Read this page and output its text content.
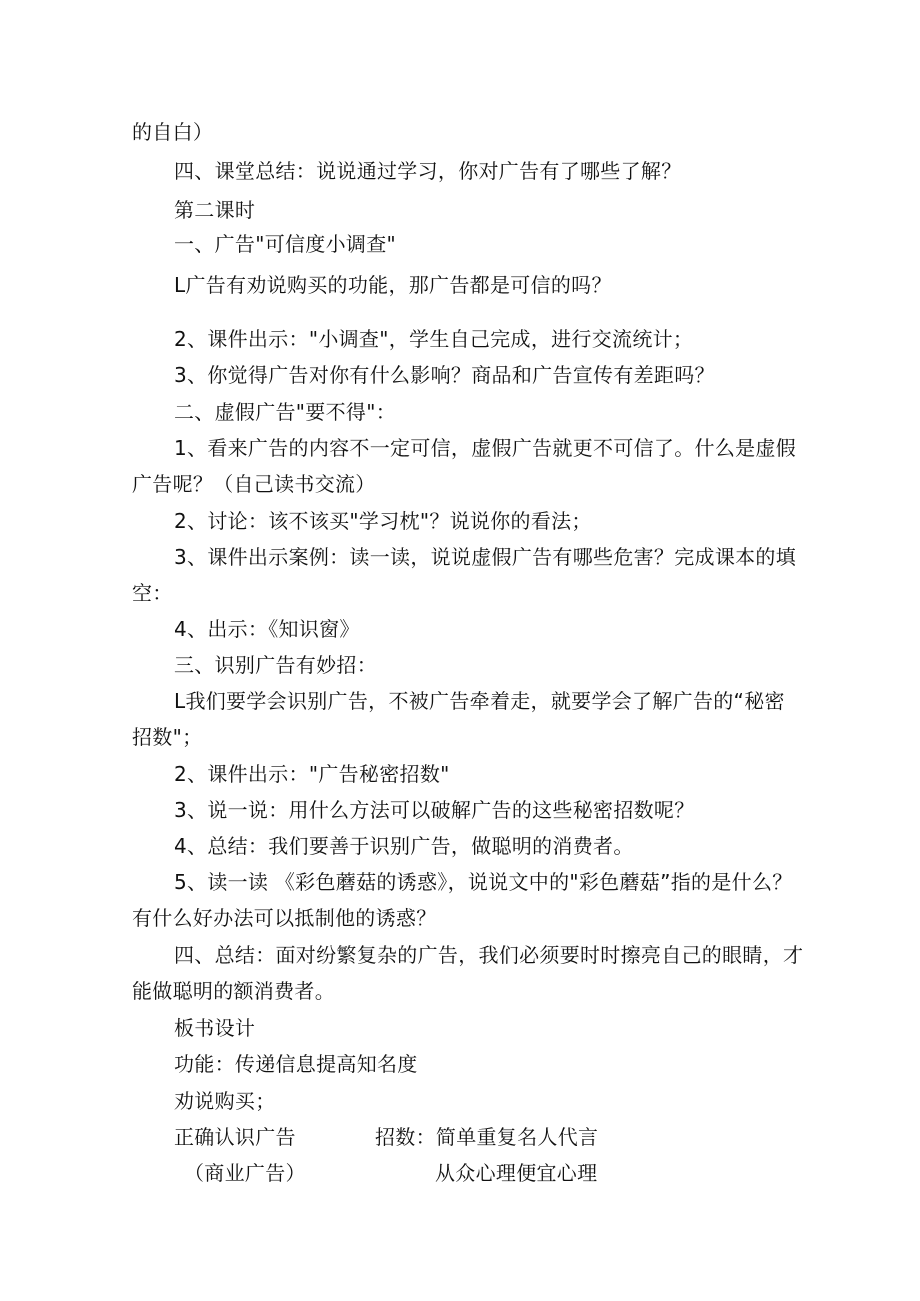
的自白）
四、课堂总结：说说通过学习，你对广告有了哪些了解？
第二课时
一、广告"可信度小调查"
L广告有劝说购买的功能，那广告都是可信的吗？
2、课件出示："小调查"，学生自己完成，进行交流统计；
3、你觉得广告对你有什么影响？商品和广告宣传有差距吗？
二、虚假广告"要不得"：
1、看来广告的内容不一定可信，虚假广告就更不可信了。什么是虚假
广告呢？（自己读书交流）
2、讨论：该不该买"学习枕"？说说你的看法；
3、课件出示案例：读一读，说说虚假广告有哪些危害？完成课本的填
空：
4、出示：《知识窗》
三、识别广告有妙招：
L我们要学会识别广告，不被广告牵着走，就要学会了解广告的“秘密
招数"；
2、课件出示："广告秘密招数"
3、说一说：用什么方法可以破解广告的这些秘密招数呢？
4、总结：我们要善于识别广告，做聪明的消费者。
5、读一读 《彩色蘑菇的诱惑》，说说文中的"彩色蘑菇”指的是什么？
有什么好办法可以抵制他的诱惑？
四、总结：面对纷繁复杂的广告，我们必须要时时擦亮自己的眼睛，才
能做聪明的额消费者。
板书设计
功能：传递信息提高知名度
劝说购买；
正确认识广告	招数：简单重复名人代言
（商业广告）	从众心理便宜心理
